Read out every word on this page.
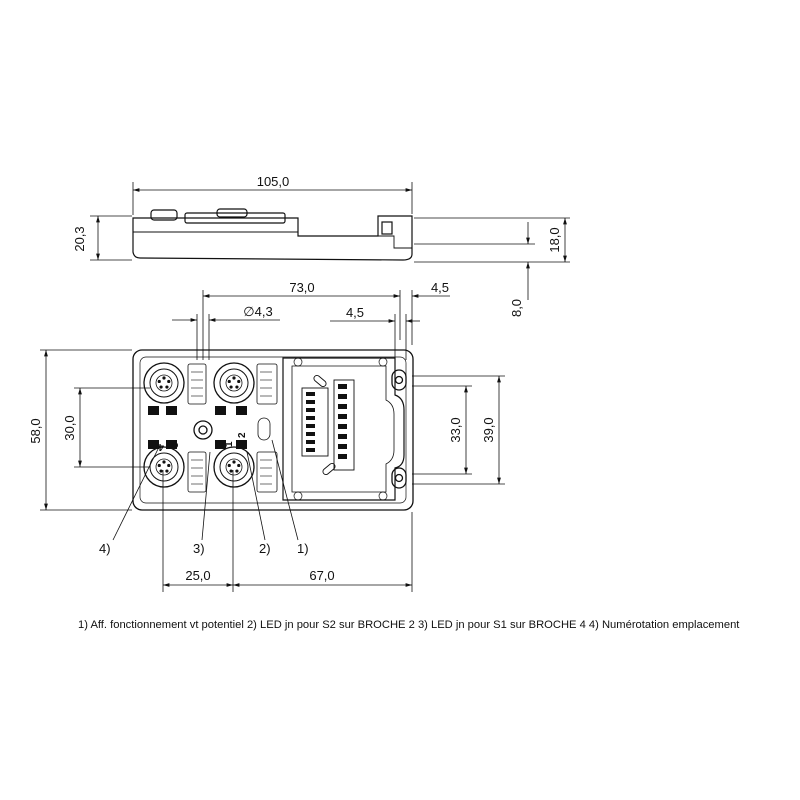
105,0
20,3	18,0
8,0
73,0	4,5
∅4,3	4,5
3
2
4	1
58,0 30,0	33,0 39,0
25,0	67,0
4)	3)	2) 1)
1) Aff. fonctionnement vt potentiel 2) LED jn pour S2 sur BROCHE 2 3) LED jn pour S1 sur BROCHE 4 4) Numérotation emplacement
